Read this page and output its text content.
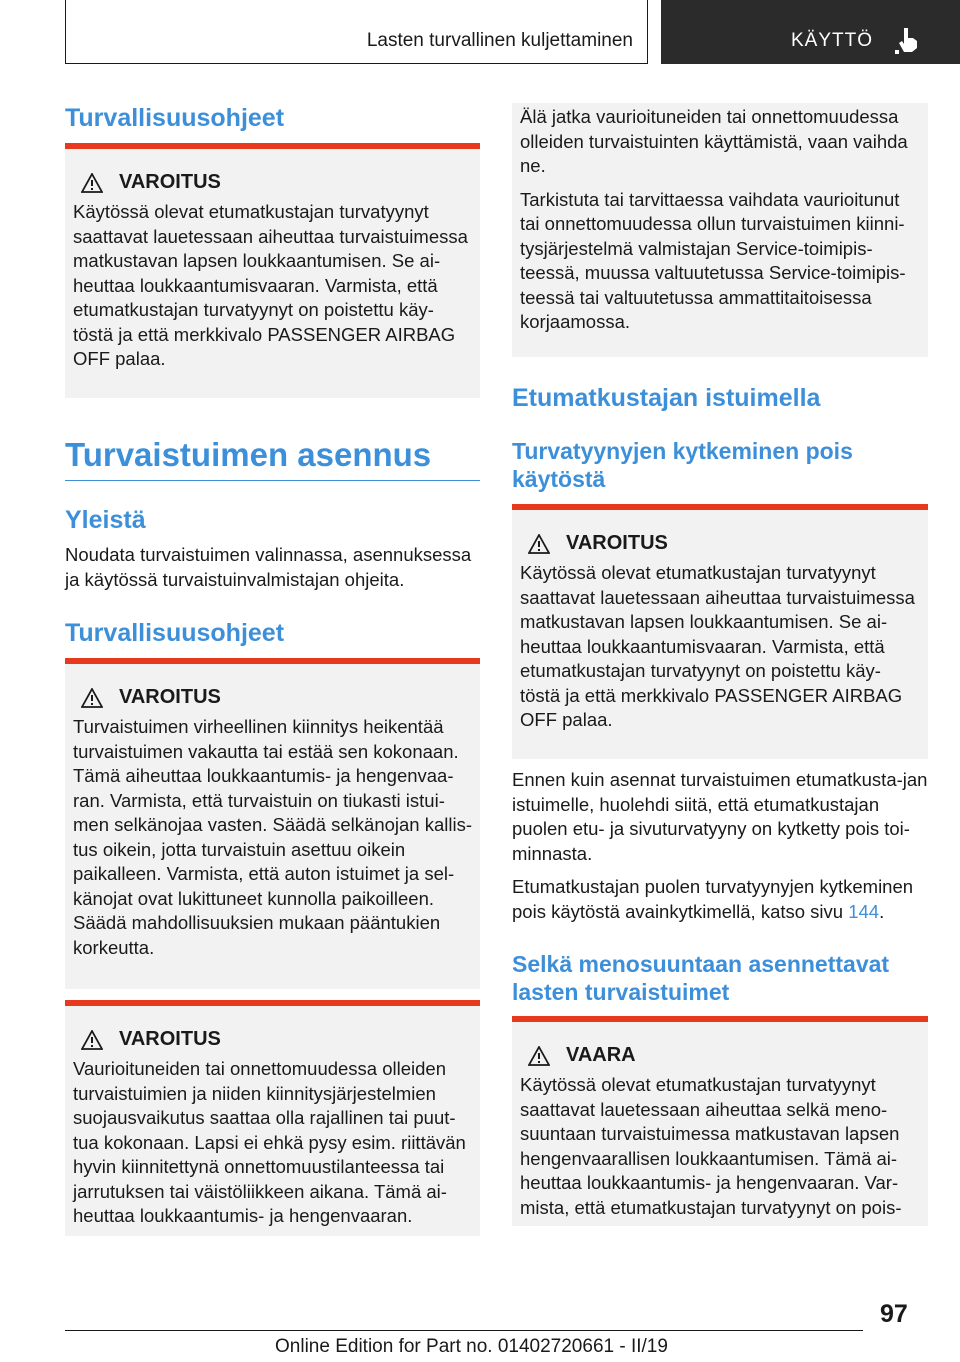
Lasten turvallinen kuljettaminen	KÄYTTÖ
Turvallisuusohjeet
VAROITUS
Käytössä olevat etumatkustajan turvatyynyt saattavat lauetessaan aiheuttaa turvaistuimessa matkustavan lapsen loukkaantumisen. Se ai-heuttaa loukkaantumisvaaran. Varmista, että etumatkustajan turvatyynyt on poistettu käy-töstä ja että merkkivalo PASSENGER AIRBAG OFF palaa.
Turvaistuimen asennus
Yleistä
Noudata turvaistuimen valinnassa, asennuksessa ja käytössä turvaistuinvalmistajan ohjeita.
Turvallisuusohjeet
VAROITUS
Turvaistuimen virheellinen kiinnitys heikentää turvaistuimen vakautta tai estää sen kokonaan. Tämä aiheuttaa loukkaantumis- ja hengenvaa-ran. Varmista, että turvaistuin on tiukasti istui-men selkänojaa vasten. Säädä selkänojan kallis-tus oikein, jotta turvaistuin asettuu oikein paikalleen. Varmista, että auton istuimet ja sel-känojat ovat lukittuneet kunnolla paikoilleen. Säädä mahdollisuuksien mukaan pääntukien korkeutta.
VAROITUS
Vaurioituneiden tai onnettomuudessa olleiden turvaistuimien ja niiden kiinnitysjärjestelmien suojausvaikutus saattaa olla rajallinen tai puut-tua kokonaan. Lapsi ei ehkä pysy esim. riittävän hyvin kiinnitettynä onnettomuustilanteessa tai jarrutuksen tai väistöliikkeen aikana. Tämä ai-heuttaa loukkaantumis- ja hengenvaaran.

Älä jatka vaurioituneiden tai onnettomuudessa olleiden turvaistuinten käyttämistä, vaan vaihda ne.

Tarkistuta tai tarvittaessa vaihdata vaurioitunut tai onnettomuudessa ollun turvaistuimen kiinni-tysjärjestelmä valmistajan Service-toimipis-teessä, muussa valtuutetussa Service-toimipis-teessä tai valtuutetussa ammattitaitoisessa korjaamossa.

Etumatkustajan istuimella
Turvatyynyjen kytkeminen pois käytöstä
VAROITUS
Käytössä olevat etumatkustajan turvatyynyt saattavat lauetessaan aiheuttaa turvaistuimessa matkustavan lapsen loukkaantumisen. Se ai-heuttaa loukkaantumisvaaran. Varmista, että etumatkustajan turvatyynyt on poistettu käy-töstä ja että merkkivalo PASSENGER AIRBAG OFF palaa.
Ennen kuin asennat turvaistuimen etumatkusta-jan istuimelle, huolehdi siitä, että etumatkustajan puolen etu- ja sivuturvatyyny on kytketty pois toi-minnasta.
Etumatkustajan puolen turvatyynyjen kytkeminen pois käytöstä avainkytkimellä, katso sivu 144.
Selkä menosuuntaan asennettavat lasten turvaistuimet
VAARA
Käytössä olevat etumatkustajan turvatyynyt saattavat lauetessaan aiheuttaa selkä meno-suuntaan turvaistuimessa matkustavan lapsen hengenvaarallisen loukkaantumisen. Tämä ai-heuttaa loukkaantumis- ja hengenvaaran. Var-mista, että etumatkustajan turvatyynyt on pois-
97
Online Edition for Part no. 01402720661 - II/19
